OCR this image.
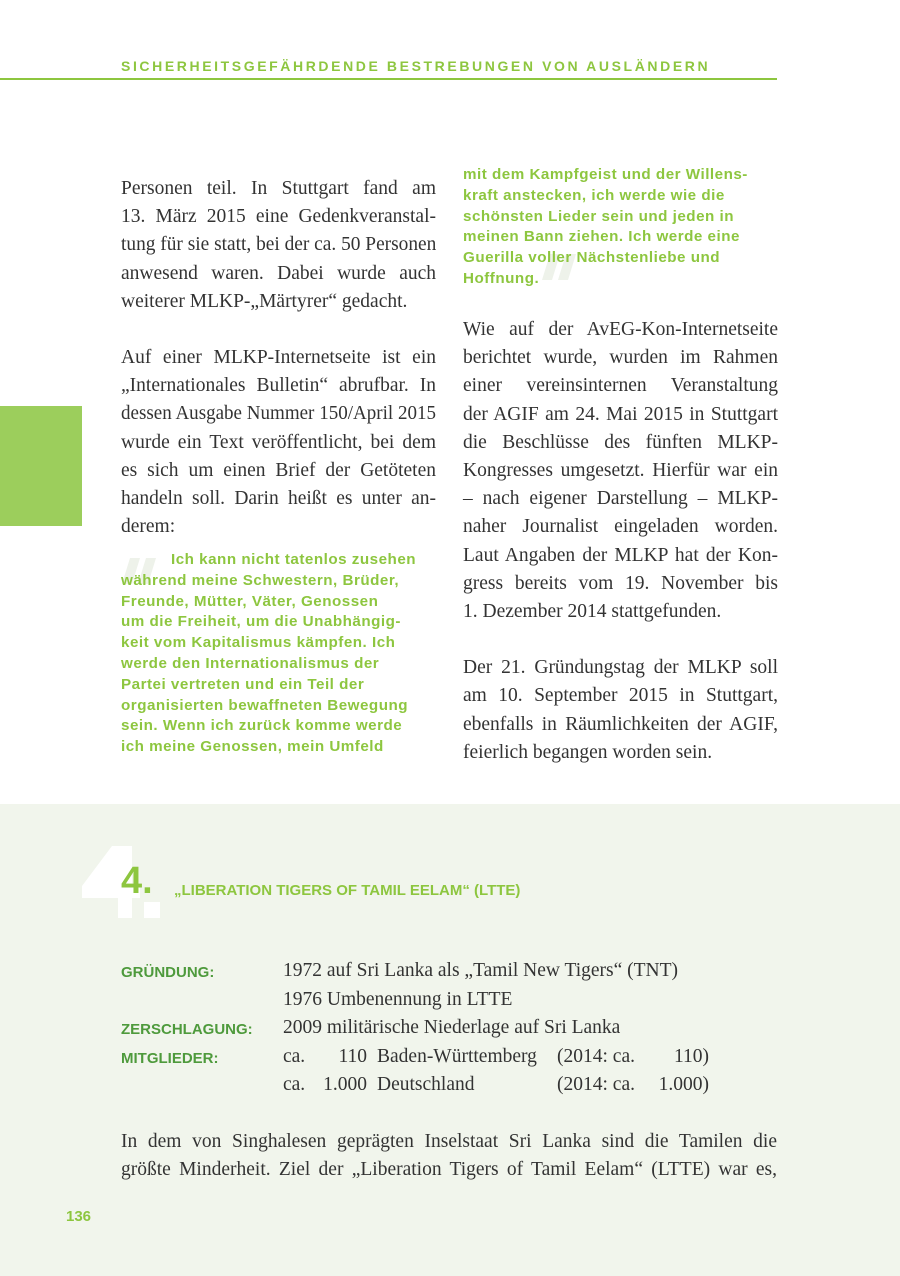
SICHERHEITSGEFÄHRDENDE BESTREBUNGEN VON AUSLÄNDERN
Personen teil. In Stuttgart fand am
13. März 2015 eine Gedenkveranstal-
tung für sie statt, bei der ca. 50 Personen
anwesend waren. Dabei wurde auch
weiterer MLKP-„Märtyrer“ gedacht.
Auf einer MLKP-Internetseite ist ein
„Internationales Bulletin“ abrufbar. In
dessen Ausgabe Nummer 150/April 2015
wurde ein Text veröffentlicht, bei dem
es sich um einen Brief der Getöteten
handeln soll. Darin heißt es unter an-
derem:
Ich kann nicht tatenlos zusehen
während meine Schwestern, Brüder,
Freunde, Mütter, Väter, Genossen
um die Freiheit, um die Unabhängig-
keit vom Kapitalismus kämpfen. Ich
werde den Internationalismus der
Partei vertreten und ein Teil der
organisierten bewaffneten Bewegung
sein. Wenn ich zurück komme werde
ich meine Genossen, mein Umfeld
mit dem Kampfgeist und der Willens-
kraft anstecken, ich werde wie die
schönsten Lieder sein und jeden in
meinen Bann ziehen. Ich werde eine
Guerilla voller Nächstenliebe und
Hoffnung.
Wie auf der AvEG-Kon-Internetseite
berichtet wurde, wurden im Rahmen
einer vereinsinternen Veranstaltung
der AGIF am 24. Mai 2015 in Stuttgart
die Beschlüsse des fünften MLKP-
Kongresses umgesetzt. Hierfür war ein
– nach eigener Darstellung – MLKP-
naher Journalist eingeladen worden.
Laut Angaben der MLKP hat der Kon-
gress bereits vom 19. November bis
1. Dezember 2014 stattgefunden.
Der 21. Gründungstag der MLKP soll
am 10. September 2015 in Stuttgart,
ebenfalls in Räumlichkeiten der AGIF,
feierlich begangen worden sein.
4. „LIBERATION TIGERS OF TAMIL EELAM“ (LTTE)
GRÜNDUNG:	1972 auf Sri Lanka als „Tamil New Tigers“ (TNT)
1976 Umbenennung in LTTE
ZERSCHLAGUNG: 2009 militärische Niederlage auf Sri Lanka
MITGLIEDER:	ca.	110 Baden-Württemberg (2014: ca.	110)
ca. 1.000 Deutschland	(2014: ca.	1.000)
In dem von Singhalesen geprägten Inselstaat Sri Lanka sind die Tamilen die
größte Minderheit. Ziel der „Liberation Tigers of Tamil Eelam“ (LTTE) war es,
136
